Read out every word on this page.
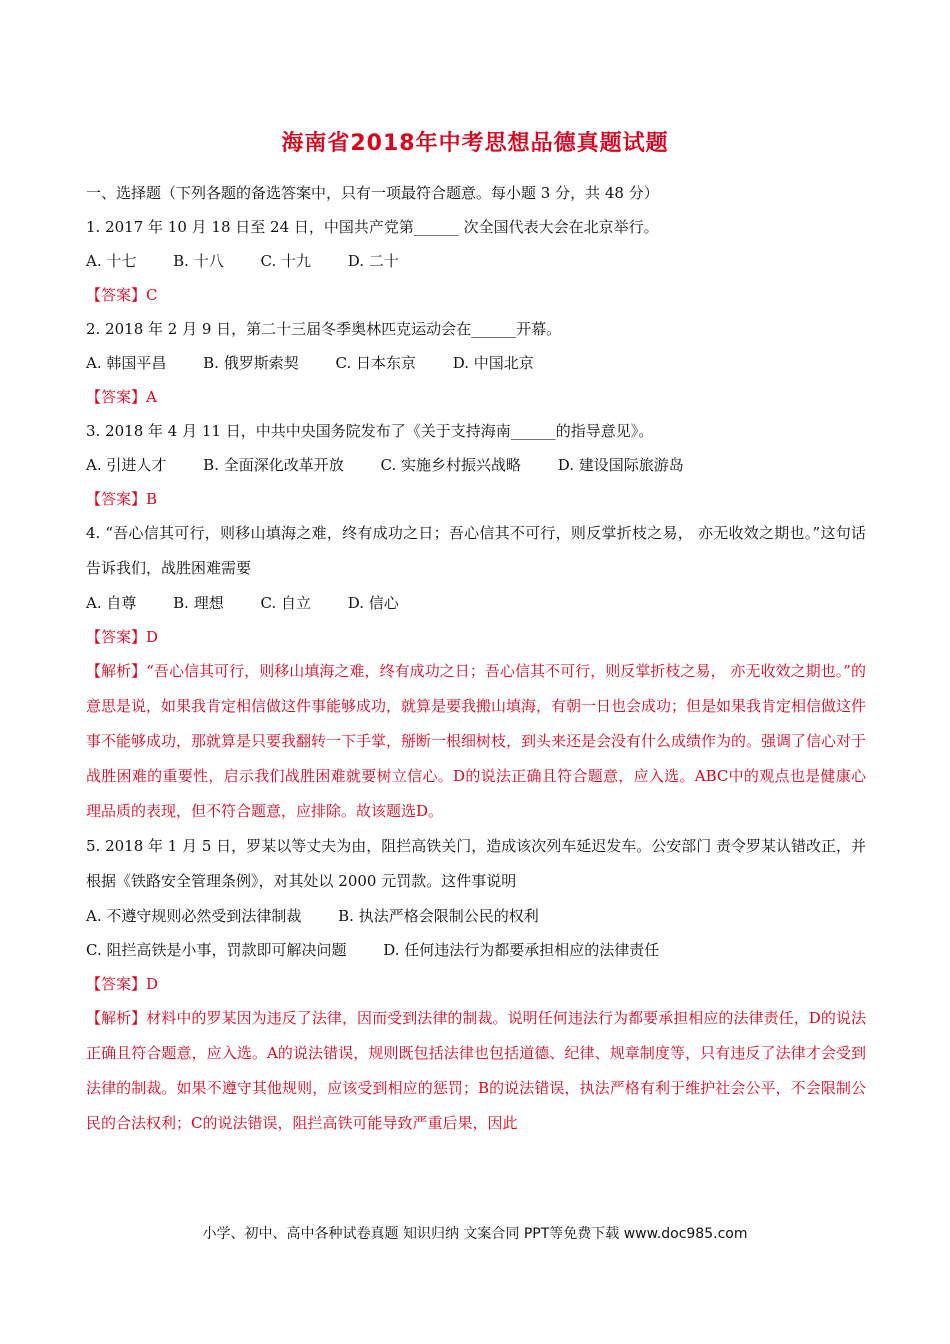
海南省2018年中考思想品德真题试题
一、选择题（下列各题的备选答案中，只有一项最符合题意。每小题 3 分，共 48 分）
1. 2017 年 10 月 18 日至 24 日，中国共产党第______ 次全国代表大会在北京举行。
A. 十七 B. 十八 C. 十九 D. 二十
【答案】C
2. 2018 年 2 月 9 日，第二十三届冬季奥林匹克运动会在______开幕。
A. 韩国平昌 B. 俄罗斯索契 C. 日本东京 D. 中国北京
【答案】A
3. 2018 年 4 月 11 日，中共中央国务院发布了《关于支持海南______的指导意见》。
A. 引进人才 B. 全面深化改革开放 C. 实施乡村振兴战略 D. 建设国际旅游岛
【答案】B
4. “吾心信其可行，则移山填海之难，终有成功之日；吾心信其不可行，则反掌折枝之易， 亦无收效之期也。”这句话告诉我们，战胜困难需要
A. 自尊 B. 理想 C. 自立 D. 信心
【答案】D
【解析】“吾心信其可行，则移山填海之难，终有成功之日；吾心信其不可行，则反掌折枝之易， 亦无收效之期也。”的意思是说，如果我肯定相信做这件事能够成功，就算是要我搬山填海，有朝一日也会成功；但是如果我肯定相信做这件事不能够成功，那就算是只要我翻转一下手掌，掰断一根细树枝，到头来还是会没有什么成绩作为的。强调了信心对于战胜困难的重要性，启示我们战胜困难就要树立信心。D的说法正确且符合题意，应入选。ABC中的观点也是健康心理品质的表现，但不符合题意，应排除。故该题选D。
5. 2018 年 1 月 5 日，罗某以等丈夫为由，阻拦高铁关门，造成该次列车延迟发车。公安部门 责令罗某认错改正，并根据《铁路安全管理条例》，对其处以 2000 元罚款。这件事说明
A. 不遵守规则必然受到法律制裁 B. 执法严格会限制公民的权利
C. 阻拦高铁是小事，罚款即可解决问题 D. 任何违法行为都要承担相应的法律责任
【答案】D
【解析】材料中的罗某因为违反了法律，因而受到法律的制裁。说明任何违法行为都要承担相应的法律责任，D的说法正确且符合题意，应入选。A的说法错误，规则既包括法律也包括道德、纪律、规章制度等，只有违反了法律才会受到法律的制裁。如果不遵守其他规则，应该受到相应的惩罚；B的说法错误，执法严格有利于维护社会公平，不会限制公民的合法权利；C的说法错误，阻拦高铁可能导致严重后果，因此
小学、初中、高中各种试卷真题 知识归纳 文案合同 PPT等免费下载 www.doc985.com
